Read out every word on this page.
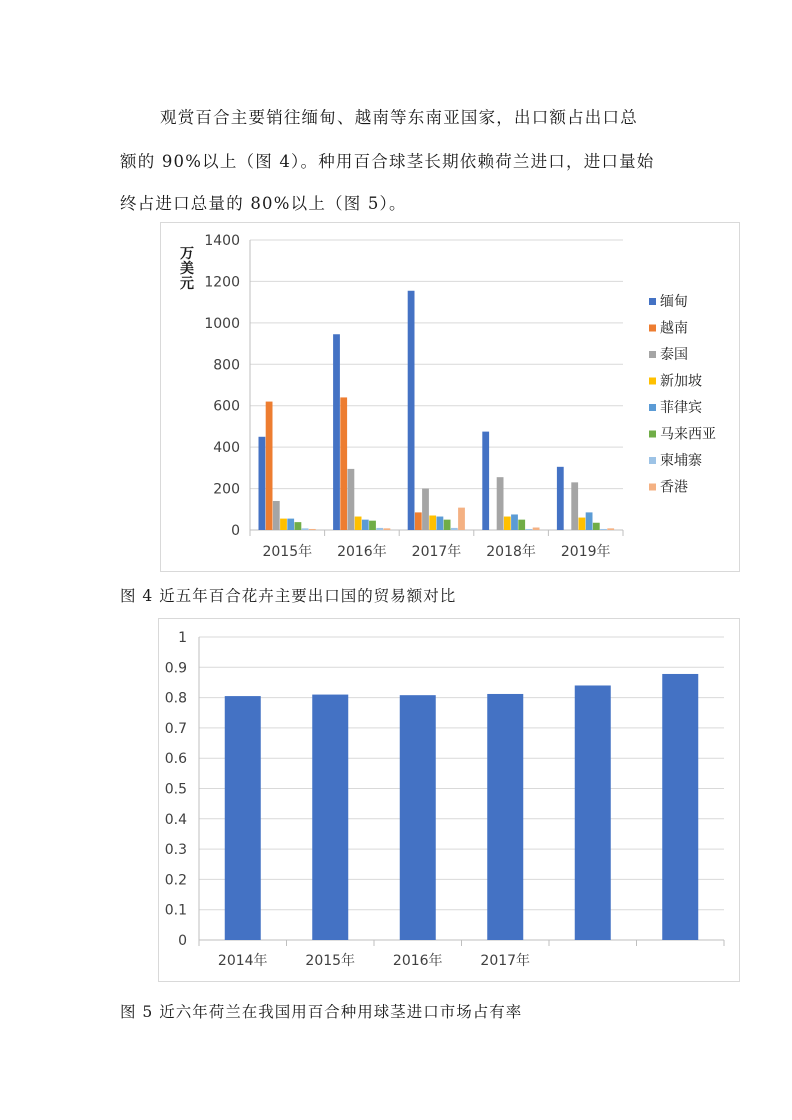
观赏百合主要销往缅甸、越南等东南亚国家，出口额占出口总
额的 90%以上（图 4）。种用百合球茎长期依赖荷兰进口，进口量始
终占进口总量的 80%以上（图 5）。
2015年 2016年 2017年 2018年 2019年
0
200
400
600
800
1000
1200
1400
缅甸
越南
泰国
新加坡
菲律宾
马来西亚
柬埔寨
香港
万美元
图 4 近五年百合花卉主要出口国的贸易额对比
2014年	2015年	2016年	2017年
0
0.1
0.2
0.3
0.4
0.5
0.6
0.7
0.8
0.9
1
图 5 近六年荷兰在我国用百合种用球茎进口市场占有率
